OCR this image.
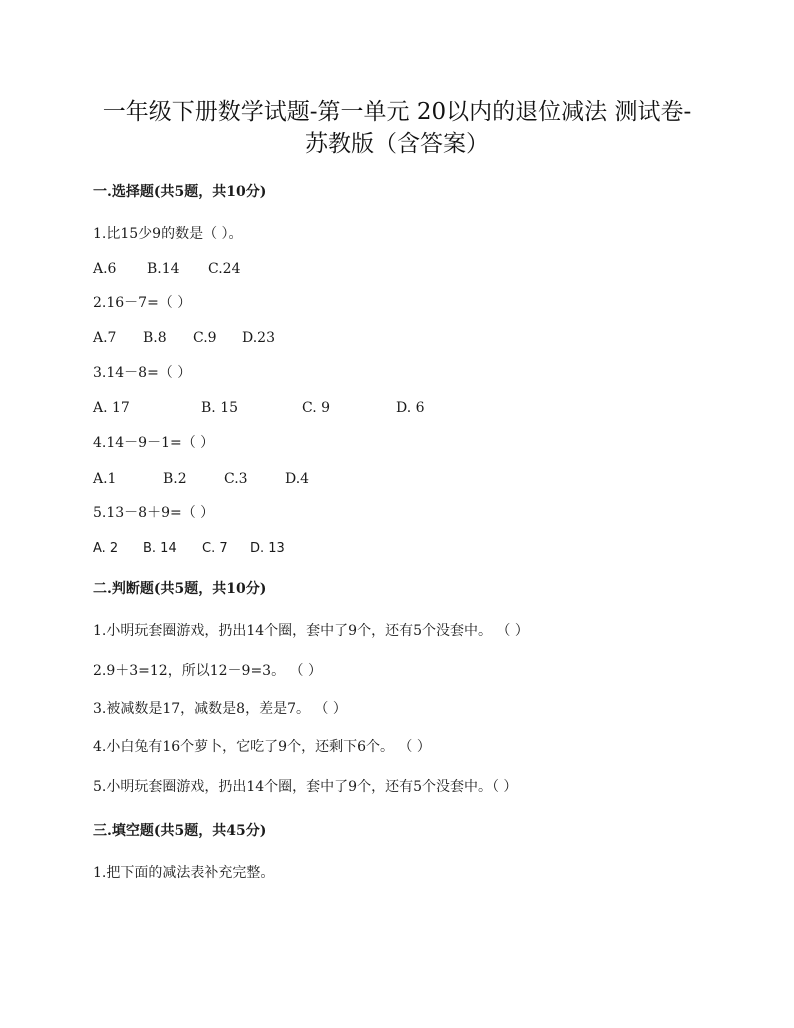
一年级下册数学试题-第一单元 20以内的退位减法 测试卷-
苏教版（含答案）
一.选择题(共5题，共10分)
1.比15少9的数是（ ）。
A.6 B.14 C.24
2.16－7=（ ）
A.7 B.8 C.9 D.23
3.14－8=（ ）
A. 17	B. 15	C. 9	D. 6
4.14－9－1=（ ）
A.1	B.2	C.3	D.4
5.13－8＋9=（ ）
A. 2 B. 14 C. 7 D. 13
二.判断题(共5题，共10分)
1.小明玩套圈游戏，扔出14个圈，套中了9个，还有5个没套中。 （ ）
2.9＋3=12，所以12－9=3。 （ ）
3.被减数是17，减数是8，差是7。 （ ）
4.小白兔有16个萝卜，它吃了9个，还剩下6个。 （ ）
5.小明玩套圈游戏，扔出14个圈，套中了9个，还有5个没套中。（ ）
三.填空题(共5题，共45分)
1.把下面的减法表补充完整。
